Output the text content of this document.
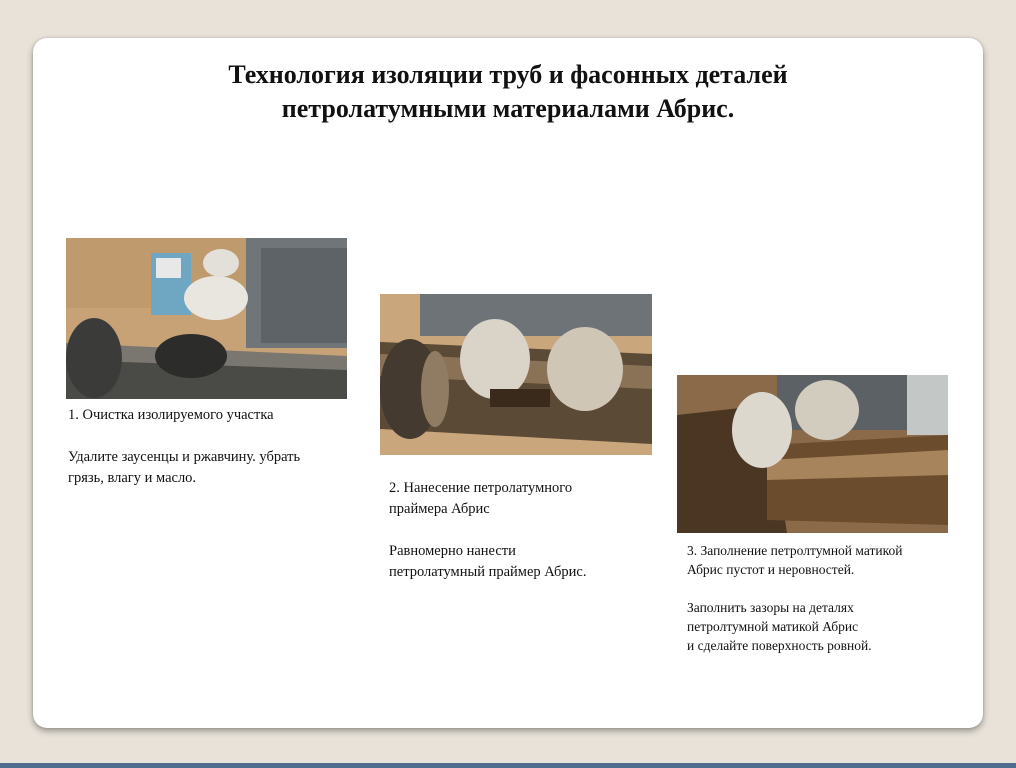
Технология изоляции труб и фасонных деталей
петролатумными материалами Абрис.

1. Очистка изолируемого участка

Удалите заусенцы и ржавчину. убрать
грязь, влагу и масло.

2. Нанесение петролатумного
праймера Абрис

Равномерно нанести
петролатумный праймер Абрис.

3. Заполнение петролтумной матикой
Абрис пустот и неровностей.

Заполнить зазоры на деталях
петролтумной матикой Абрис
и сделайте поверхность ровной.
